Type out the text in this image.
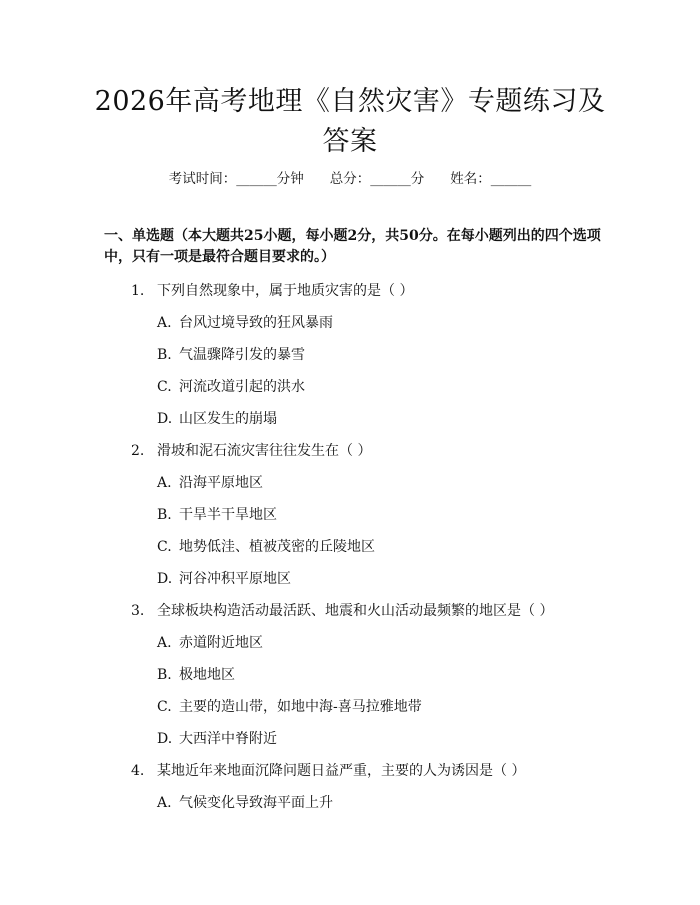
2026年高考地理《自然灾害》专题练习及答案
考试时间：______分钟 总分：______分 姓名：______
一、单选题（本大题共25小题，每小题2分，共50分。在每小题列出的四个选项中，只有一项是最符合题目要求的。）
1. 下列自然现象中，属于地质灾害的是（ ）
A. 台风过境导致的狂风暴雨
B. 气温骤降引发的暴雪
C. 河流改道引起的洪水
D. 山区发生的崩塌
2. 滑坡和泥石流灾害往往发生在（ ）
A. 沿海平原地区
B. 干旱半干旱地区
C. 地势低洼、植被茂密的丘陵地区
D. 河谷冲积平原地区
3. 全球板块构造活动最活跃、地震和火山活动最频繁的地区是（ ）
A. 赤道附近地区
B. 极地地区
C. 主要的造山带，如地中海-喜马拉雅地带
D. 大西洋中脊附近
4. 某地近年来地面沉降问题日益严重，主要的人为诱因是（ ）
A. 气候变化导致海平面上升
